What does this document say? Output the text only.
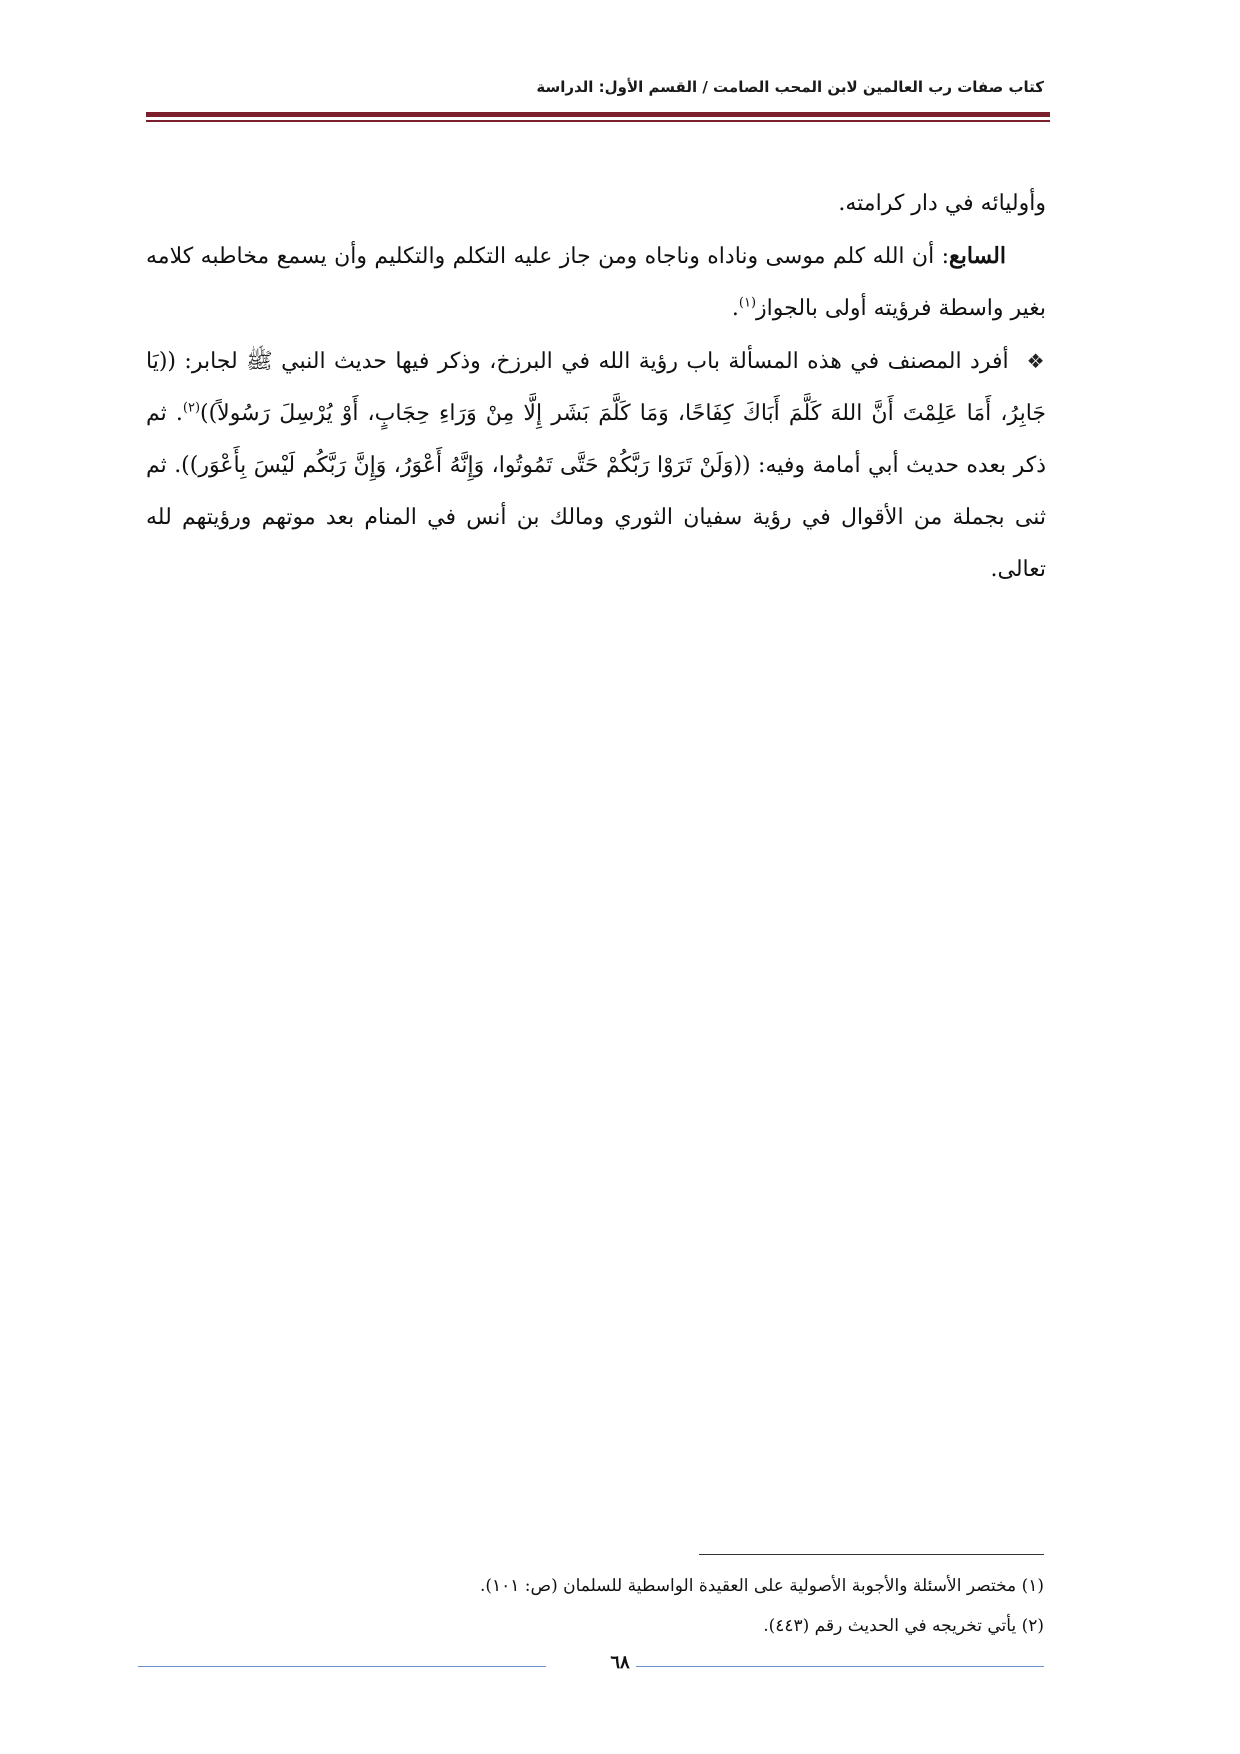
كتاب صفات رب العالمين لابن المحب الصامت / القسم الأول: الدراسة

وأوليائه في دار كرامته.

السابع: أن الله كلم موسى وناداه وناجاه ومن جاز عليه التكلم والتكليم وأن يسمع مخاطبه كلامه بغير واسطة فرؤيته أولى بالجواز$^{(١)}$.

❖أفرد المصنف في هذه المسألة باب رؤية الله في البرزخ، وذكر فيها حديث النبي ﷺ لجابر: ((يَا جَابِرُ، أَمَا عَلِمْتَ أَنَّ اللهَ كَلَّمَ أَبَاكَ كِفَاحًا، وَمَا كَلَّمَ بَشَر إِلَّا مِنْ وَرَاءِ حِجَابٍ، أَوْ يُرْسِلَ رَسُولاً))$^{(٢)}$. ثم ذكر بعده حديث أبي أمامة وفيه: ((وَلَنْ تَرَوْا رَبَّكُمْ حَتَّى تَمُوتُوا، وَإِنَّهُ أَعْوَرُ، وَإِنَّ رَبَّكُم لَيْسَ بِأَعْوَر)). ثم ثنى بجملة من الأقوال في رؤية سفيان الثوري ومالك بن أنس في المنام بعد موتهم ورؤيتهم لله تعالى.

(١) مختصر الأسئلة والأجوبة الأصولية على العقيدة الواسطية للسلمان (ص: ١٠١).

(٢) يأتي تخريجه في الحديث رقم (٤٤٣).

٦٨
